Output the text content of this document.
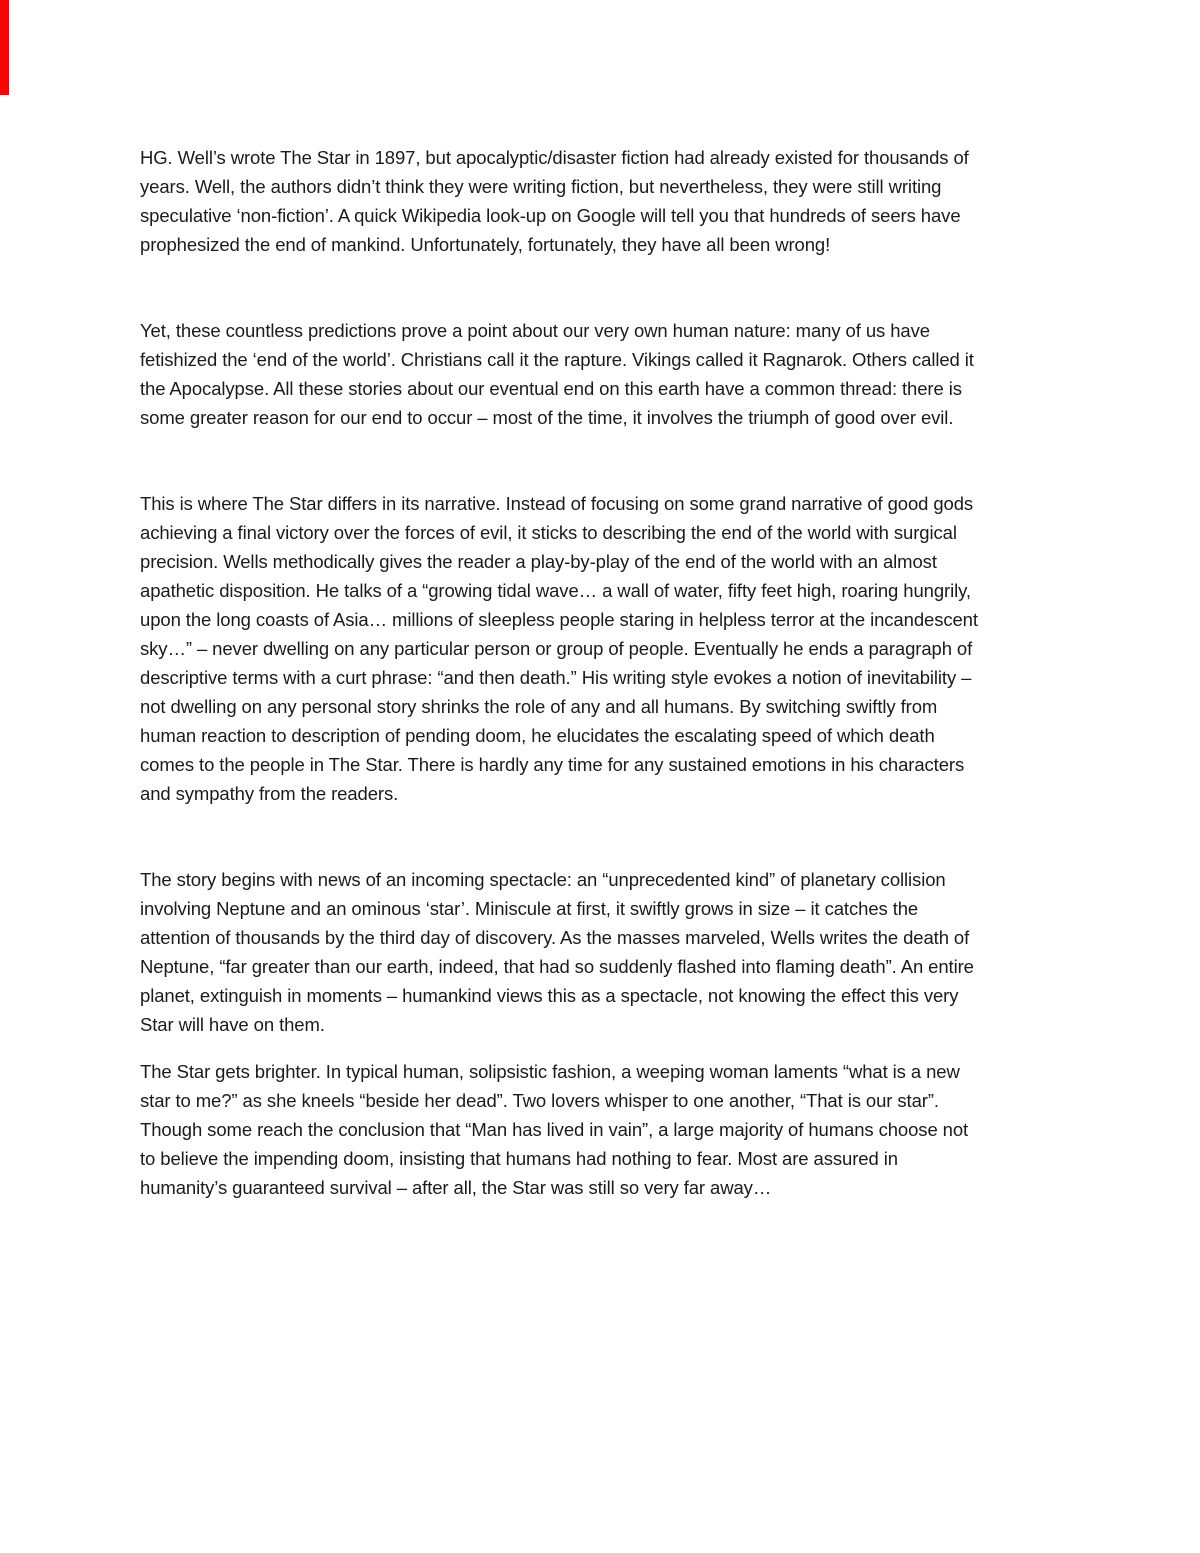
HG. Well’s wrote The Star in 1897, but apocalyptic/disaster fiction had already existed for thousands of
years. Well, the authors didn’t think they were writing fiction, but nevertheless, they were still writing
speculative ‘non-fiction’. A quick Wikipedia look-up on Google will tell you that hundreds of seers have
prophesized the end of mankind. Unfortunately, fortunately, they have all been wrong!

Yet, these countless predictions prove a point about our very own human nature: many of us have
fetishized the ‘end of the world’. Christians call it the rapture. Vikings called it Ragnarok. Others called it
the Apocalypse. All these stories about our eventual end on this earth have a common thread: there is
some greater reason for our end to occur – most of the time, it involves the triumph of good over evil.

This is where The Star differs in its narrative. Instead of focusing on some grand narrative of good gods
achieving a final victory over the forces of evil, it sticks to describing the end of the world with surgical
precision. Wells methodically gives the reader a play-by-play of the end of the world with an almost
apathetic disposition. He talks of a “growing tidal wave… a wall of water, fifty feet high, roaring hungrily,
upon the long coasts of Asia… millions of sleepless people staring in helpless terror at the incandescent
sky…” – never dwelling on any particular person or group of people. Eventually he ends a paragraph of
descriptive terms with a curt phrase: “and then death.” His writing style evokes a notion of inevitability –
not dwelling on any personal story shrinks the role of any and all humans. By switching swiftly from
human reaction to description of pending doom, he elucidates the escalating speed of which death
comes to the people in The Star. There is hardly any time for any sustained emotions in his characters
and sympathy from the readers.

The story begins with news of an incoming spectacle: an “unprecedented kind” of planetary collision
involving Neptune and an ominous ‘star’. Miniscule at first, it swiftly grows in size – it catches the
attention of thousands by the third day of discovery. As the masses marveled, Wells writes the death of
Neptune, “far greater than our earth, indeed, that had so suddenly flashed into flaming death”. An entire
planet, extinguish in moments – humankind views this as a spectacle, not knowing the effect this very
Star will have on them.

The Star gets brighter. In typical human, solipsistic fashion, a weeping woman laments “what is a new
star to me?” as she kneels “beside her dead”. Two lovers whisper to one another, “That is our star”.
Though some reach the conclusion that “Man has lived in vain”, a large majority of humans choose not
to believe the impending doom, insisting that humans had nothing to fear. Most are assured in
humanity’s guaranteed survival – after all, the Star was still so very far away…
